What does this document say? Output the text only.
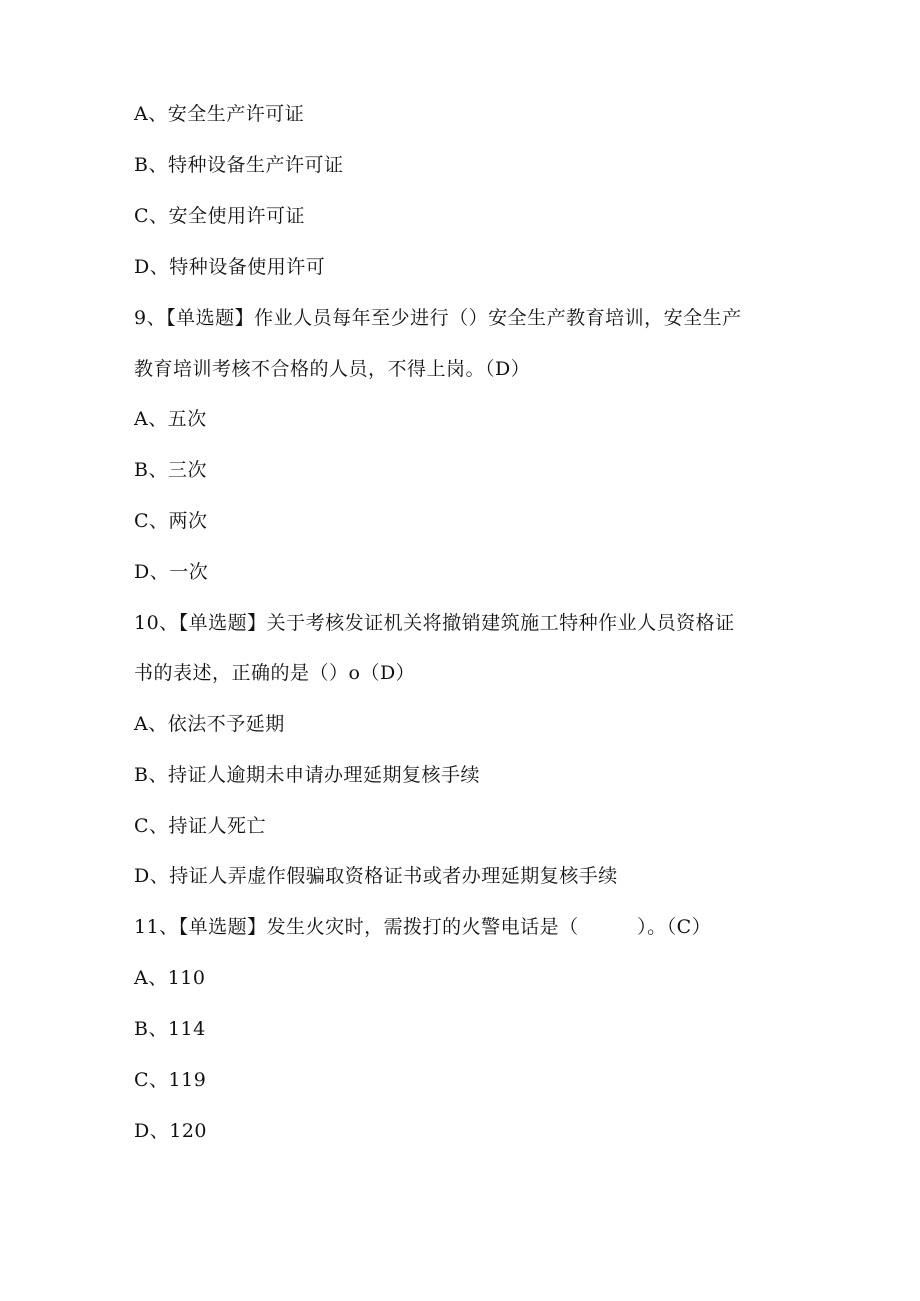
A、安全生产许可证
B、特种设备生产许可证
C、安全使用许可证
D、特种设备使用许可
9、【单选题】作业人员每年至少进行（）安全生产教育培训，安全生产
教育培训考核不合格的人员，不得上岗。（D）
A、五次
B、三次
C、两次
D、一次
10、【单选题】关于考核发证机关将撤销建筑施工特种作业人员资格证
书的表述，正确的是（）o（D）
A、依法不予延期
B、持证人逾期未申请办理延期复核手续
C、持证人死亡
D、持证人弄虚作假骗取资格证书或者办理延期复核手续
11、【单选题】发生火灾时，需拨打的火警电话是（　　　）。（C）
A、110
B、114
C、119
D、120
